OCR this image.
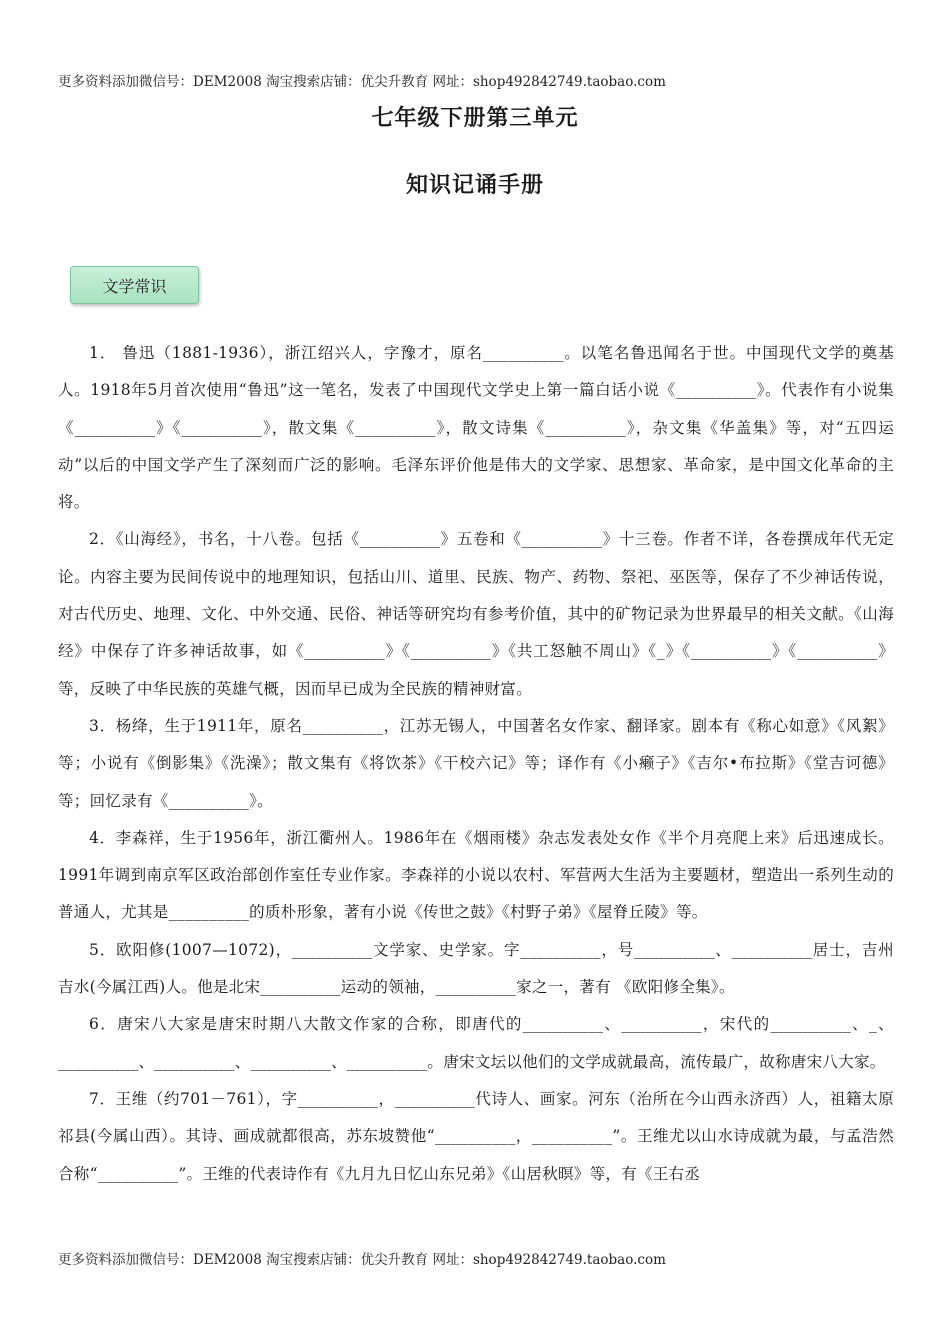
更多资料添加微信号：DEM2008 淘宝搜索店铺：优尖升教育 网址：shop492842749.taobao.com
七年级下册第三单元
知识记诵手册
文学常识

1． 鲁迅（1881-1936），浙江绍兴人，字豫才，原名__________。以笔名鲁迅闻名于世。中国现代文学的奠基人。1918年5月首次使用“鲁迅”这一笔名，发表了中国现代文学史上第一篇白话小说《__________》。代表作有小说集《__________》《__________》，散文集《__________》，散文诗集《__________》，杂文集《华盖集》等，对“五四运动”以后的中国文学产生了深刻而广泛的影响。毛泽东评价他是伟大的文学家、思想家、革命家，是中国文化革命的主将。

2．《山海经》，书名，十八卷。包括《__________》五卷和《__________》十三卷。作者不详，各卷撰成年代无定论。内容主要为民间传说中的地理知识，包括山川、道里、民族、物产、药物、祭祀、巫医等，保存了不少神话传说，对古代历史、地理、文化、中外交通、民俗、神话等研究均有参考价值，其中的矿物记录为世界最早的相关文献。《山海经》中保存了许多神话故事，如《__________》《__________》《共工怒触不周山》《_》《__________》《__________》等，反映了中华民族的英雄气概，因而早已成为全民族的精神财富。

3．杨绛，生于1911年，原名__________，江苏无锡人，中国著名女作家、翻译家。剧本有《称心如意》《风絮》等；小说有《倒影集》《洗澡》；散文集有《将饮茶》《干校六记》等；译作有《小癞子》《吉尔•布拉斯》《堂吉诃德》等；回忆录有《__________》。

4．李森祥，生于1956年，浙江衢州人。1986年在《烟雨楼》杂志发表处女作《半个月亮爬上来》后迅速成长。1991年调到南京军区政治部创作室任专业作家。李森祥的小说以农村、军营两大生活为主要题材，塑造出一系列生动的普通人，尤其是__________的质朴形象，著有小说《传世之鼓》《村野子弟》《屋脊丘陵》等。

5．欧阳修(1007—1072)，__________文学家、史学家。字__________，号__________、__________居士，吉州吉水(今属江西)人。他是北宋__________运动的领袖，__________家之一，著有 《欧阳修全集》。

6．唐宋八大家是唐宋时期八大散文作家的合称，即唐代的__________、__________，宋代的__________、_、__________、__________、__________、__________。唐宋文坛以他们的文学成就最高，流传最广，故称唐宋八大家。

7．王维（约701－761），字__________，__________代诗人、画家。河东（治所在今山西永济西）人，祖籍太原祁县(今属山西）。其诗、画成就都很高，苏东坡赞他“__________，__________”。王维尤以山水诗成就为最，与孟浩然合称“__________”。王维的代表诗作有《九月九日忆山东兄弟》《山居秋暝》等，有《王右丞

更多资料添加微信号：DEM2008 淘宝搜索店铺：优尖升教育 网址：shop492842749.taobao.com
